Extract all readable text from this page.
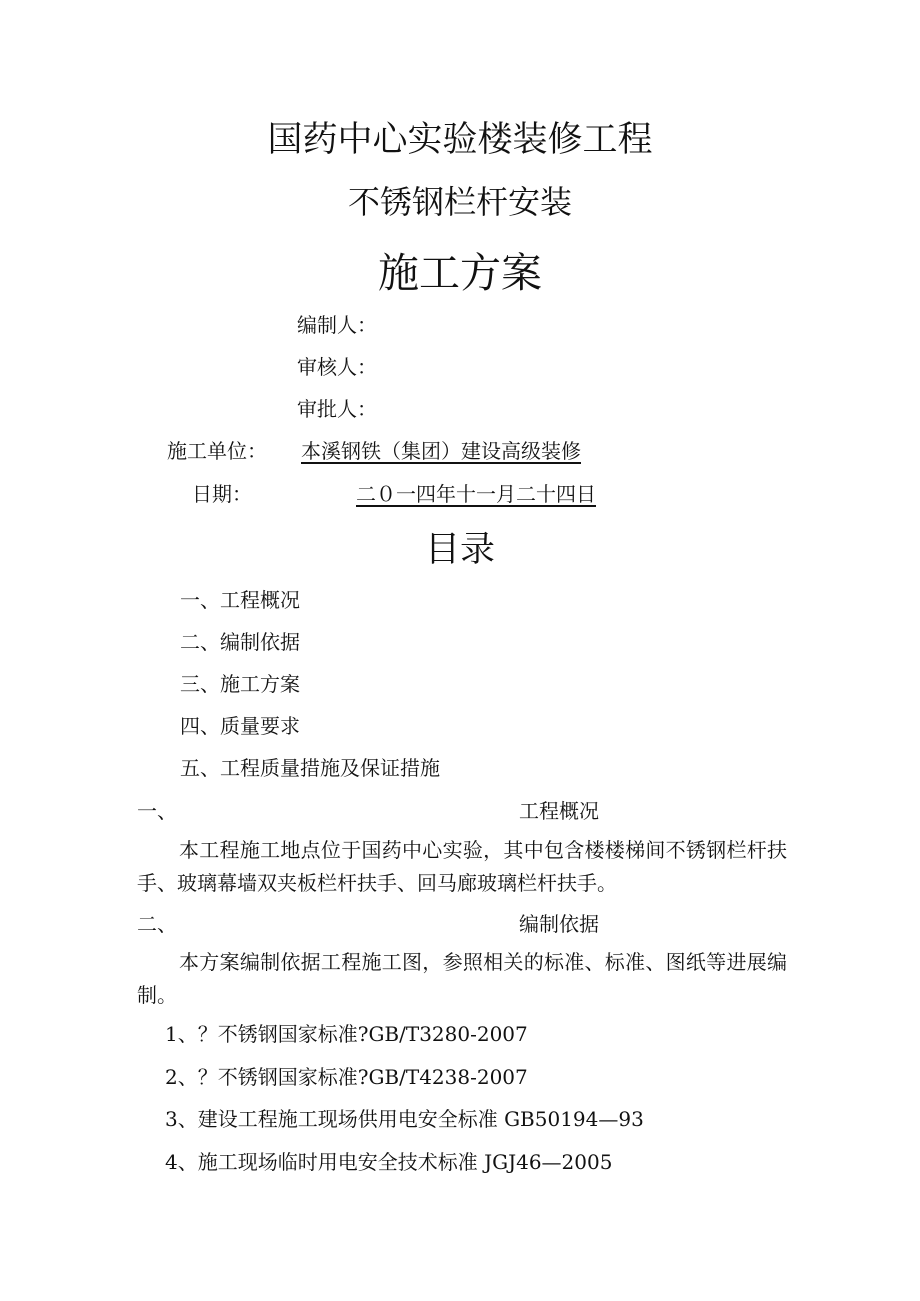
国药中心实验楼装修工程
不锈钢栏杆安装
施工方案
编制人：
审核人：
审批人：
施工单位： 本溪钢铁（集团）建设高级装修
日期：	二０一四年十一月二十四日
目录
一、工程概况
二、编制依据
三、施工方案
四、质量要求
五、工程质量措施及保证措施
一、	工程概况
本工程施工地点位于国药中心实验，其中包含楼楼梯间不锈钢栏杆扶手、玻璃幕墙双夹板栏杆扶手、回马廊玻璃栏杆扶手。
二、	编制依据
本方案编制依据工程施工图，参照相关的标准、标准、图纸等进展编制。
1、？不锈钢国家标准?GB/T3280-2007
2、？不锈钢国家标准?GB/T4238-2007
3、建设工程施工现场供用电安全标准 GB50194—93
4、施工现场临时用电安全技术标准 JGJ46—2005
